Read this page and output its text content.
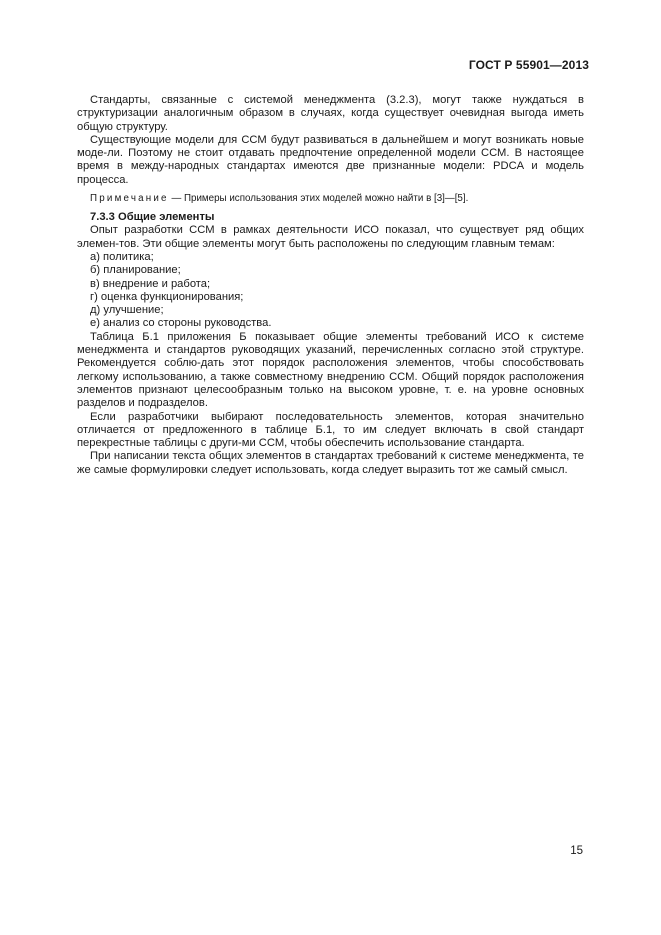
ГОСТ Р 55901—2013

Стандарты, связанные с системой менеджмента (3.2.3), могут также нуждаться в структуризации аналогичным образом в случаях, когда существует очевидная выгода иметь общую структуру.

Существующие модели для ССМ будут развиваться в дальнейшем и могут возникать новые моде-ли. Поэтому не стоит отдавать предпочтение определенной модели ССМ. В настоящее время в между-народных стандартах имеются две признанные модели: PDCA и модель процесса.

Примечание — Примеры использования этих моделей можно найти в [3]—[5].

7.3.3 Общие элементы

Опыт разработки ССМ в рамках деятельности ИСО показал, что существует ряд общих элемен-тов. Эти общие элементы могут быть расположены по следующим главным темам:

а) политика;
б) планирование;
в) внедрение и работа;
г) оценка функционирования;
д) улучшение;
е) анализ со стороны руководства.

Таблица Б.1 приложения Б показывает общие элементы требований ИСО к системе менеджмента и стандартов руководящих указаний, перечисленных согласно этой структуре. Рекомендуется соблю-дать этот порядок расположения элементов, чтобы способствовать легкому использованию, а также совместному внедрению ССМ. Общий порядок расположения элементов признают целесообразным только на высоком уровне, т. е. на уровне основных разделов и подразделов.

Если разработчики выбирают последовательность элементов, которая значительно отличается от предложенного в таблице Б.1, то им следует включать в свой стандарт перекрестные таблицы с други-ми ССМ, чтобы обеспечить использование стандарта.

При написании текста общих элементов в стандартах требований к системе менеджмента, те же самые формулировки следует использовать, когда следует выразить тот же самый смысл.

15
